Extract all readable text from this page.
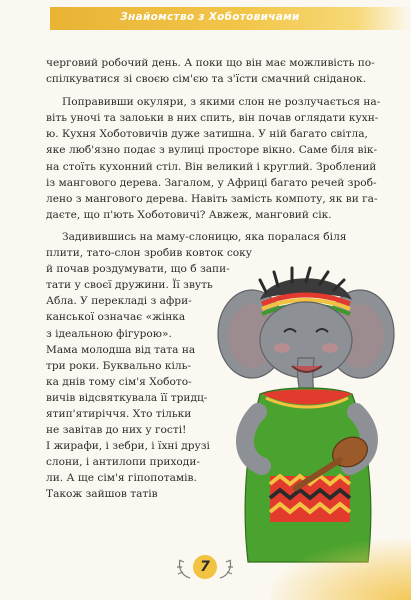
Знайомство з Хоботовичами

черговий робочий день. А поки що він має можливість по-
спілкуватися зі своєю сім'єю та з'їсти смачний сніданок.

Поправивши окуляри, з якими слон не розлучається на-
віть уночі та залоьки в них спить, він почав оглядати кухн-
ю. Кухня Хоботовичів дуже затишна. У ній багато світла,
яке люб'язно подає з вулиці просторе вікно. Саме біля вік-
на стоїть кухонний стіл. Він великий і круглий. Зроблений
із мангового дерева. Загалом, у Африці багато речей зроб-
лено з мангового дерева. Навіть замість компоту, як ви га-
даєте, що п'ють Хоботовичі? Авжеж, манговий сік.

Задивившись на маму-слоницю, яка поралася біля
плити, тато-слон зробив ковток соку
й почав роздумувати, що б запи-
тати у своєї дружини. Її звуть
Абла. У перекладі з афри-
канської означає «жінка
з ідеальною фігурою».
Мама молодша від тата на
три роки. Буквально кіль-
ка днів тому сім'я Хобото-
вичів відсвяткувала її тридц-
ятип'ятиріччя. Хто тільки
не завітав до них у гості!
І жирафи, і зебри, і їхні друзі
слони, і антилопи приходи-
ли. А ще сім'я гіпопотамів.
Також зайшов татів

7
